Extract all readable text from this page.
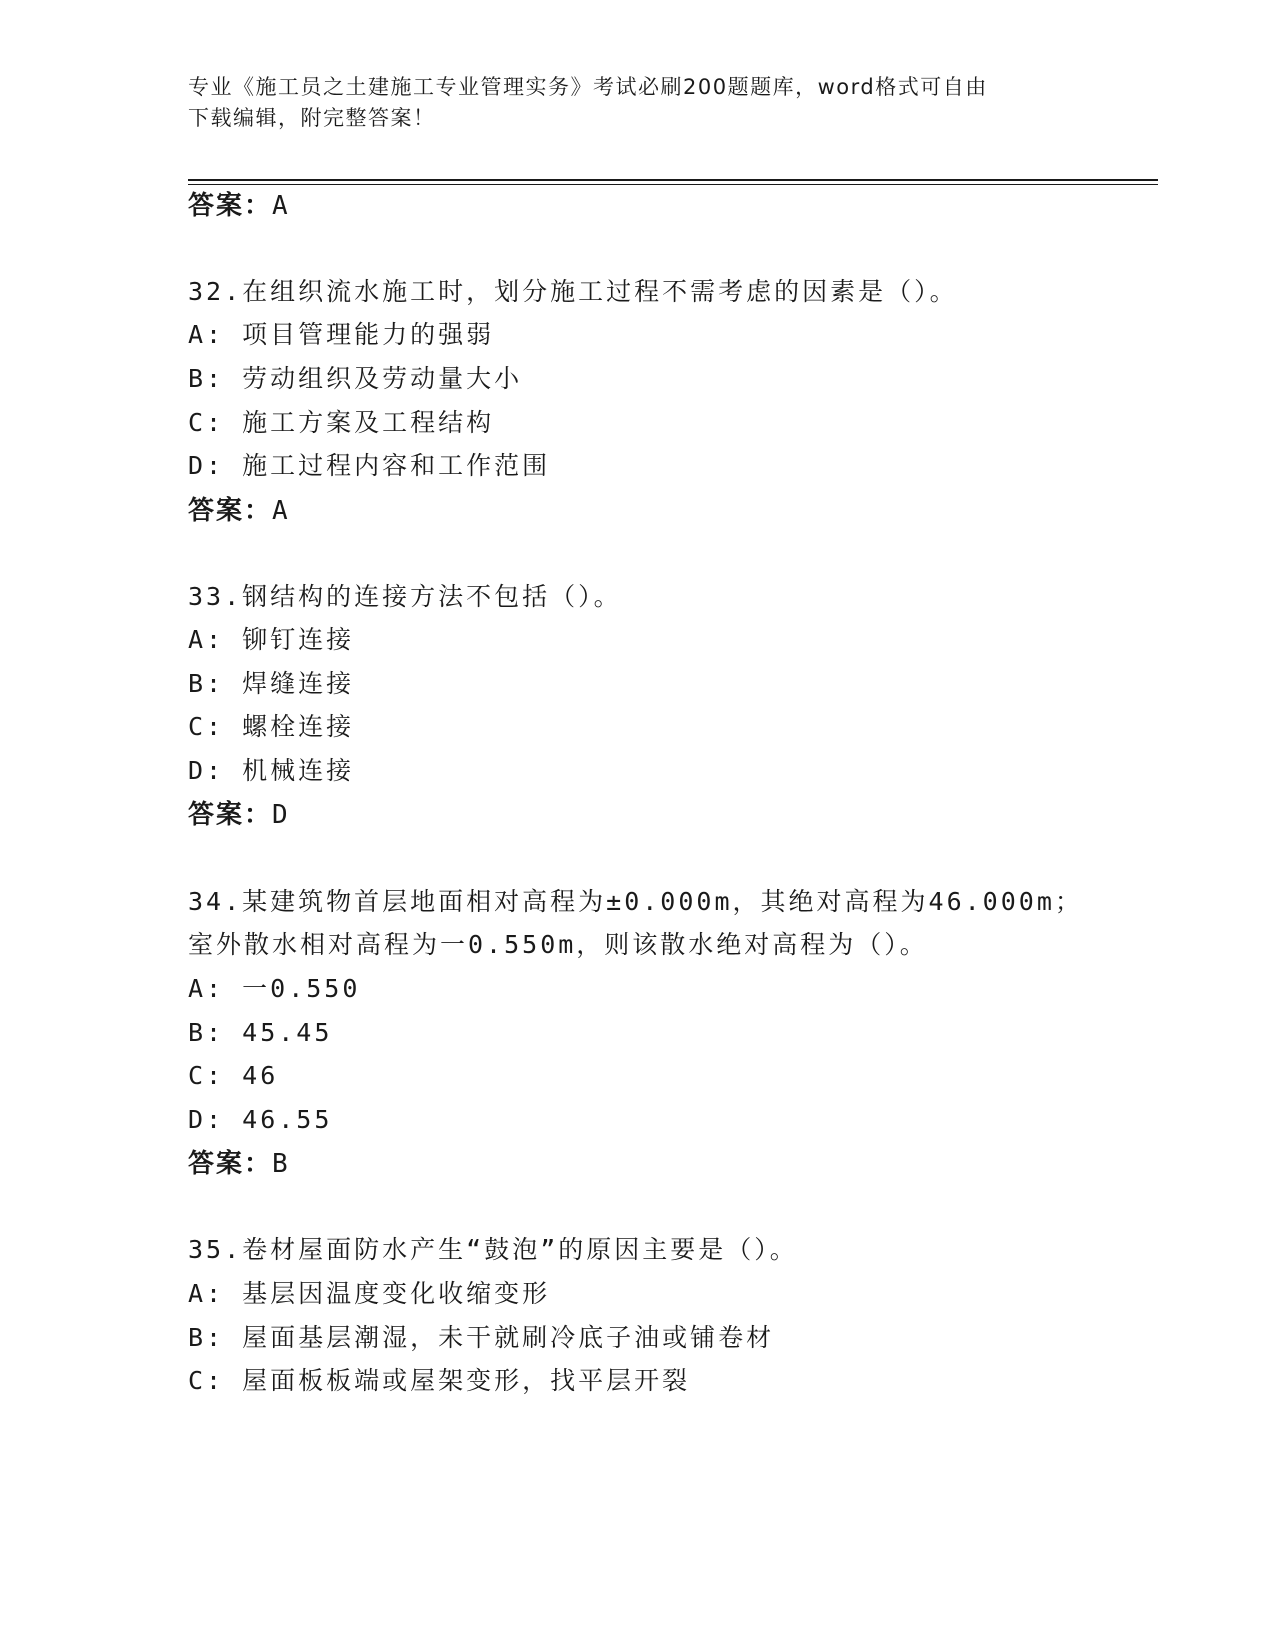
专业《施工员之土建施工专业管理实务》考试必刷200题题库，word格式可自由
下载编辑，附完整答案！
答案：A
32.在组织流水施工时，划分施工过程不需考虑的因素是（）。
A: 项目管理能力的强弱
B: 劳动组织及劳动量大小
C: 施工方案及工程结构
D: 施工过程内容和工作范围
答案：A
33.钢结构的连接方法不包括（）。
A: 铆钉连接
B: 焊缝连接
C: 螺栓连接
D: 机械连接
答案：D
34.某建筑物首层地面相对高程为±0.000m，其绝对高程为46.000m；
室外散水相对高程为一0.550m，则该散水绝对高程为（）。
A: 一0.550
B: 45.45
C: 46
D: 46.55
答案：B
35.卷材屋面防水产生“鼓泡”的原因主要是（）。
A: 基层因温度变化收缩变形
B: 屋面基层潮湿，未干就刷冷底子油或铺卷材
C: 屋面板板端或屋架变形，找平层开裂
